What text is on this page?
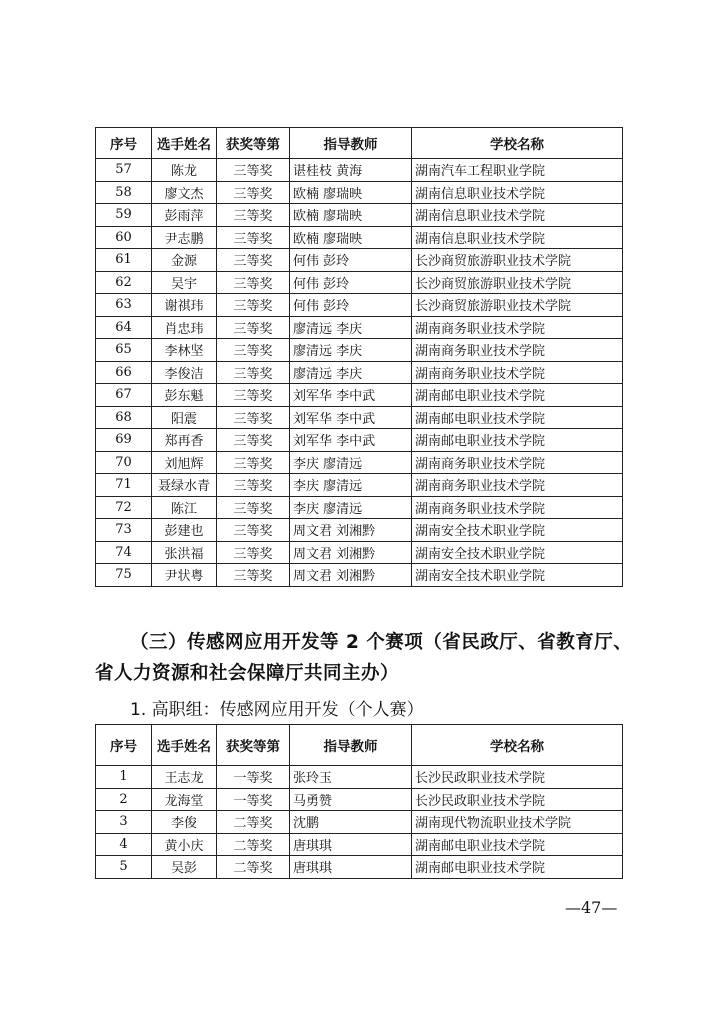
序号	选手姓名	获奖等第	指导教师	学校名称
57	陈龙	三等奖	谌桂枝 黄海	湖南汽车工程职业学院
58	廖文杰	三等奖	欧楠 廖瑞映	湖南信息职业技术学院
59	彭雨萍	三等奖	欧楠 廖瑞映	湖南信息职业技术学院
60	尹志鹏	三等奖	欧楠 廖瑞映	湖南信息职业技术学院
61	金源	三等奖	何伟 彭玲	长沙商贸旅游职业技术学院
62	吴宇	三等奖	何伟 彭玲	长沙商贸旅游职业技术学院
63	谢祺玮	三等奖	何伟 彭玲	长沙商贸旅游职业技术学院
64	肖忠玮	三等奖	廖清远 李庆	湖南商务职业技术学院
65	李林坚	三等奖	廖清远 李庆	湖南商务职业技术学院
66	李俊洁	三等奖	廖清远 李庆	湖南商务职业技术学院
67	彭东魁	三等奖	刘军华 李中武	湖南邮电职业技术学院
68	阳震	三等奖	刘军华 李中武	湖南邮电职业技术学院
69	郑再香	三等奖	刘军华 李中武	湖南邮电职业技术学院
70	刘旭辉	三等奖	李庆 廖清远	湖南商务职业技术学院
71	聂绿水青	三等奖	李庆 廖清远	湖南商务职业技术学院
72	陈江	三等奖	李庆 廖清远	湖南商务职业技术学院
73	彭建也	三等奖	周文君 刘湘黔	湖南安全技术职业学院
74	张洪福	三等奖	周文君 刘湘黔	湖南安全技术职业学院
75	尹状粤	三等奖	周文君 刘湘黔	湖南安全技术职业学院
（三）传感网应用开发等 2 个赛项（省民政厅、省教育厅、
省人力资源和社会保障厅共同主办）
1. 高职组：传感网应用开发（个人赛）
序号	选手姓名	获奖等第	指导教师	学校名称
1	王志龙	一等奖	张玲玉	长沙民政职业技术学院
2	龙海堂	一等奖	马勇赞	长沙民政职业技术学院
3	李俊	二等奖	沈鹏	湖南现代物流职业技术学院
4	黄小庆	二等奖	唐琪琪	湖南邮电职业技术学院
5	吴彭	二等奖	唐琪琪	湖南邮电职业技术学院
—47—
